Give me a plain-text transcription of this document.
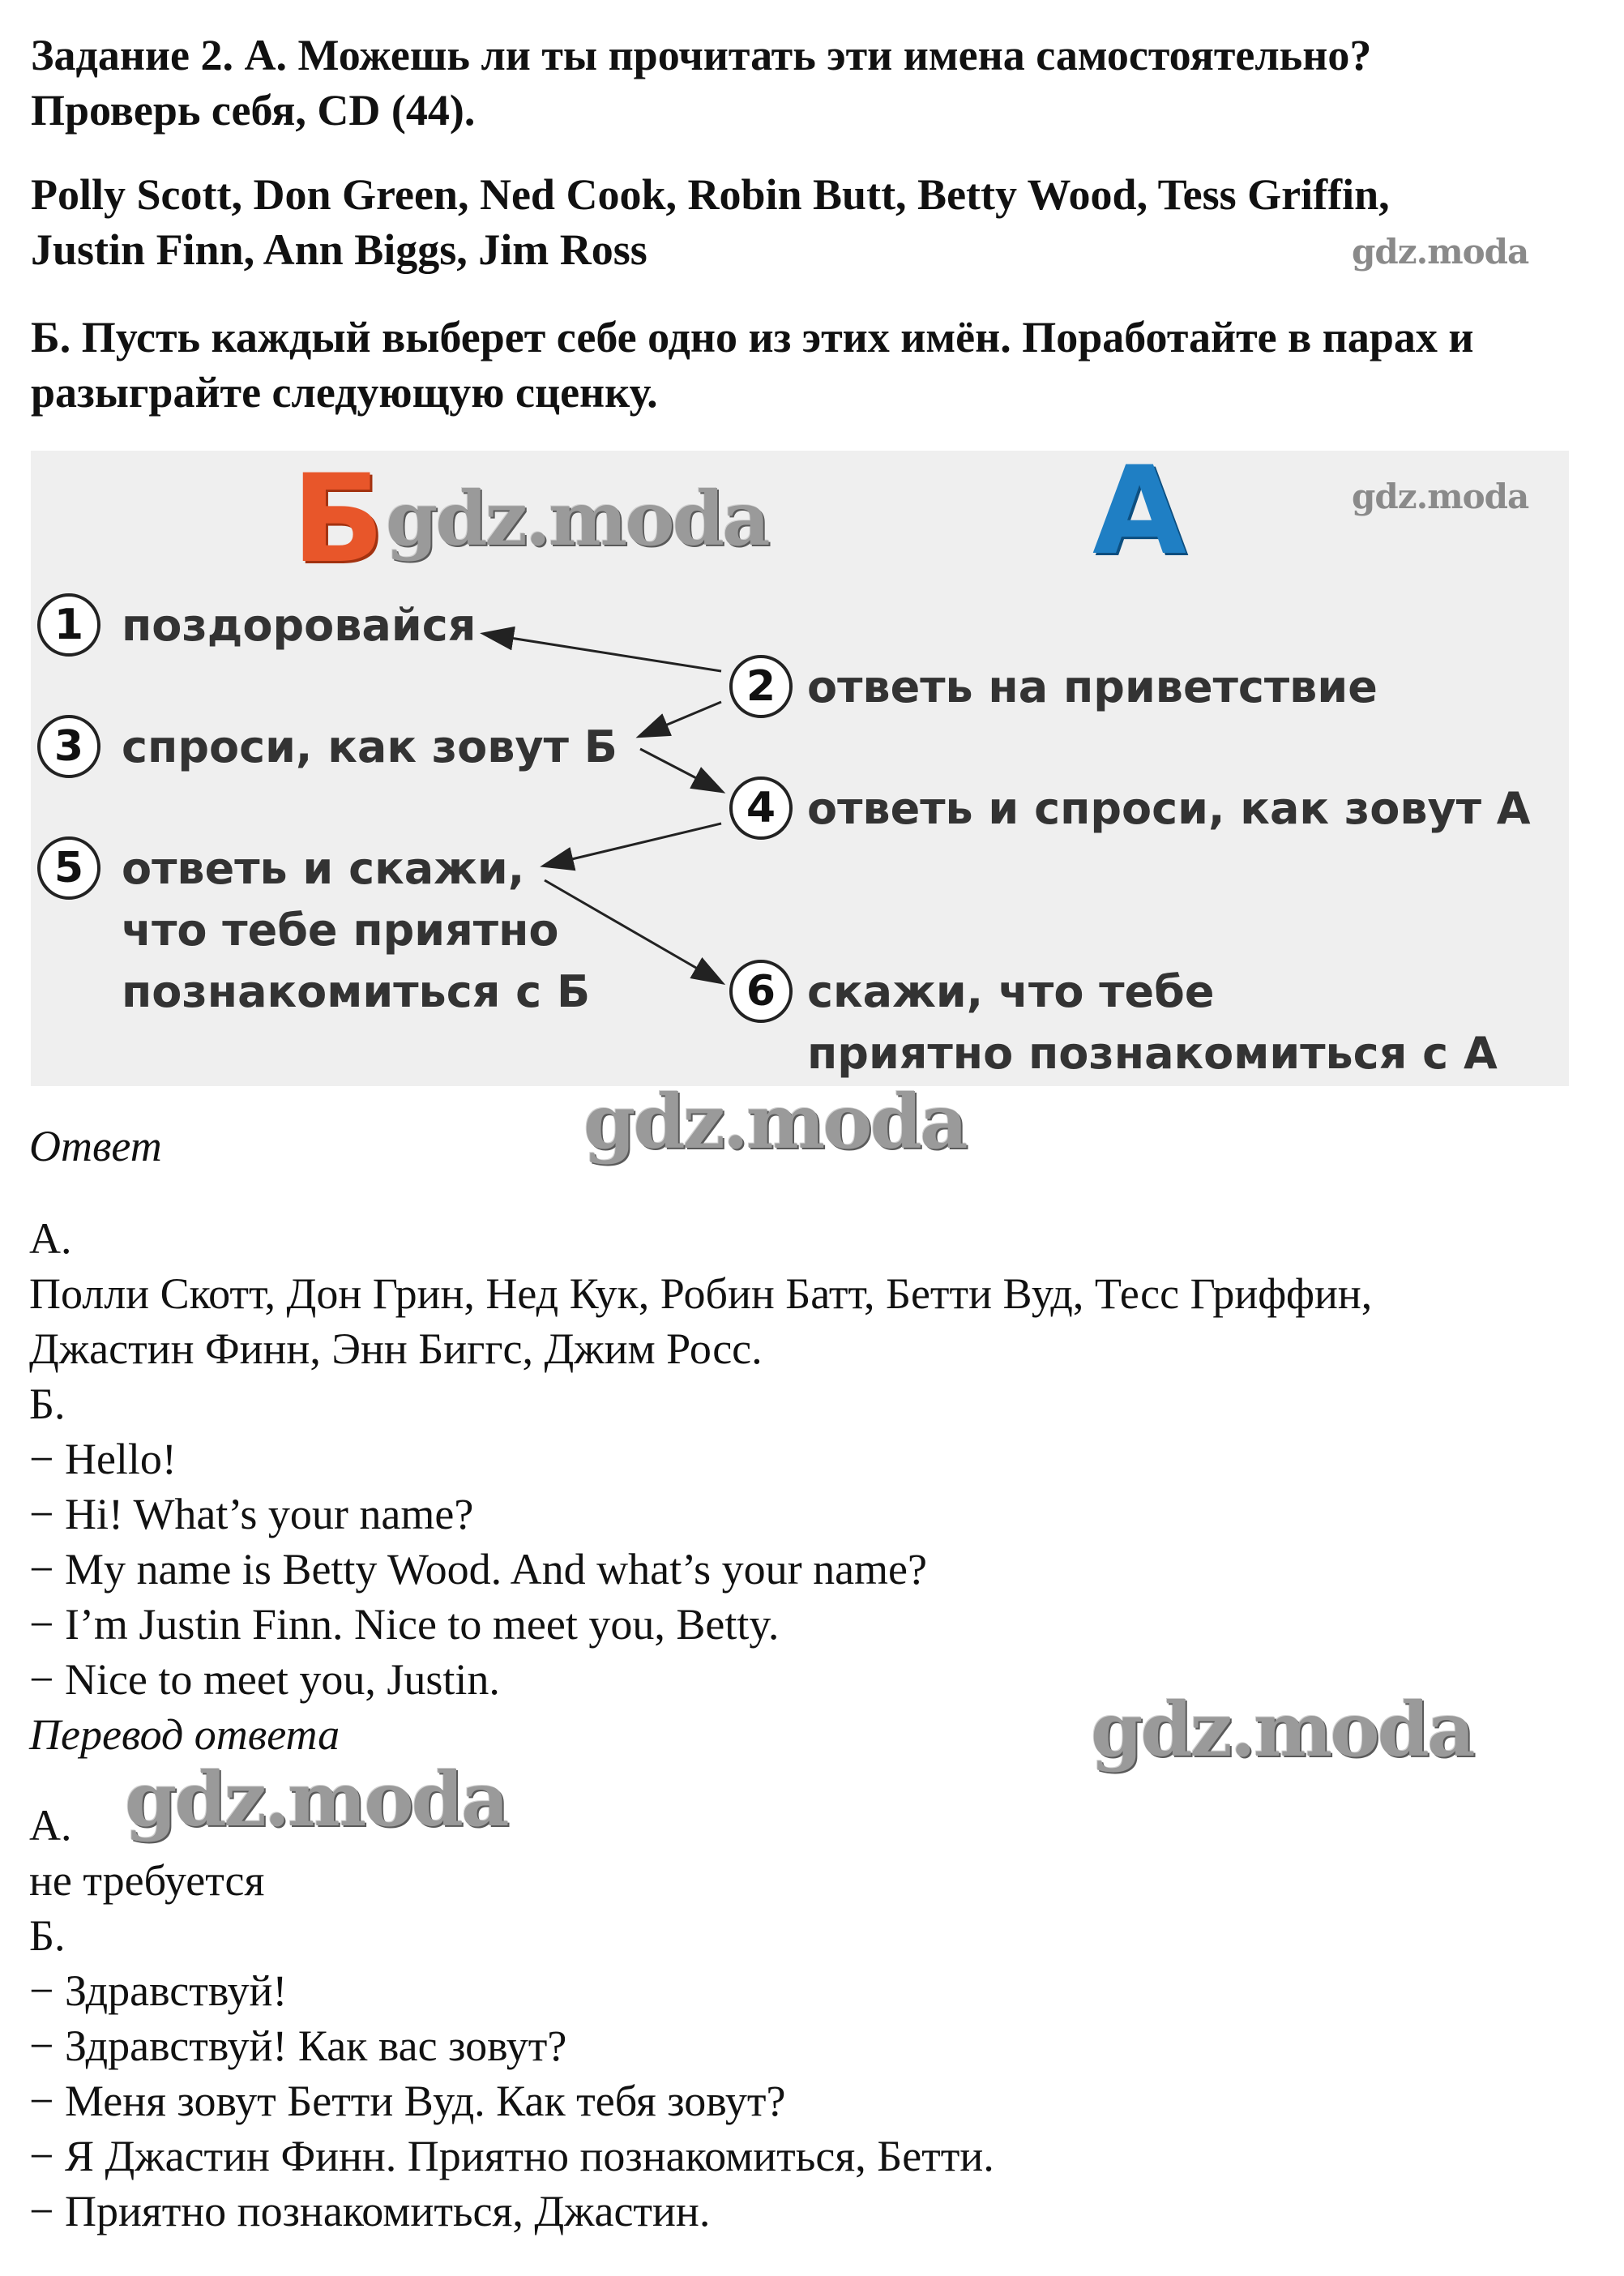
Задание 2. А. Можешь ли ты прочитать эти имена самостоятельно?

Проверь себя, CD (44).

Polly Scott, Don Green, Ned Cook, Robin Butt, Betty Wood, Tess Griffin,

Justin Finn, Ann Biggs, Jim Ross	gdz.moda

Б. Пусть каждый выберет себе одно из этих имён. Поработайте в парах и

разыграйте следующую сценку.

Б gdz.moda	А	gdz.moda
1 поздоровайся
2 ответь на приветствие
3 спроси, как зовут Б
4 ответь и спроси, как зовут А
5 ответь и скажи,
что тебе приятно
познакомиться с Б	6 скажи, что тебе
приятно познакомиться с А

Ответ	gdz.moda

А.

Полли Скотт, Дон Грин, Нед Кук, Робин Батт, Бетти Вуд, Тесс Гриффин,

Джастин Финн, Энн Биггс, Джим Росс.

Б.

− Hello!

− Hi! What’s your name?

− My name is Betty Wood. And what’s your name?

− I’m Justin Finn. Nice to meet you, Betty.

− Nice to meet you, Justin.

Перевод ответа	gdz.moda
gdz.moda

А.

не требуется

Б.

− Здравствуй!

− Здравствуй! Как вас зовут?

− Меня зовут Бетти Вуд. Как тебя зовут?

− Я Джастин Финн. Приятно познакомиться, Бетти.

− Приятно познакомиться, Джастин.
